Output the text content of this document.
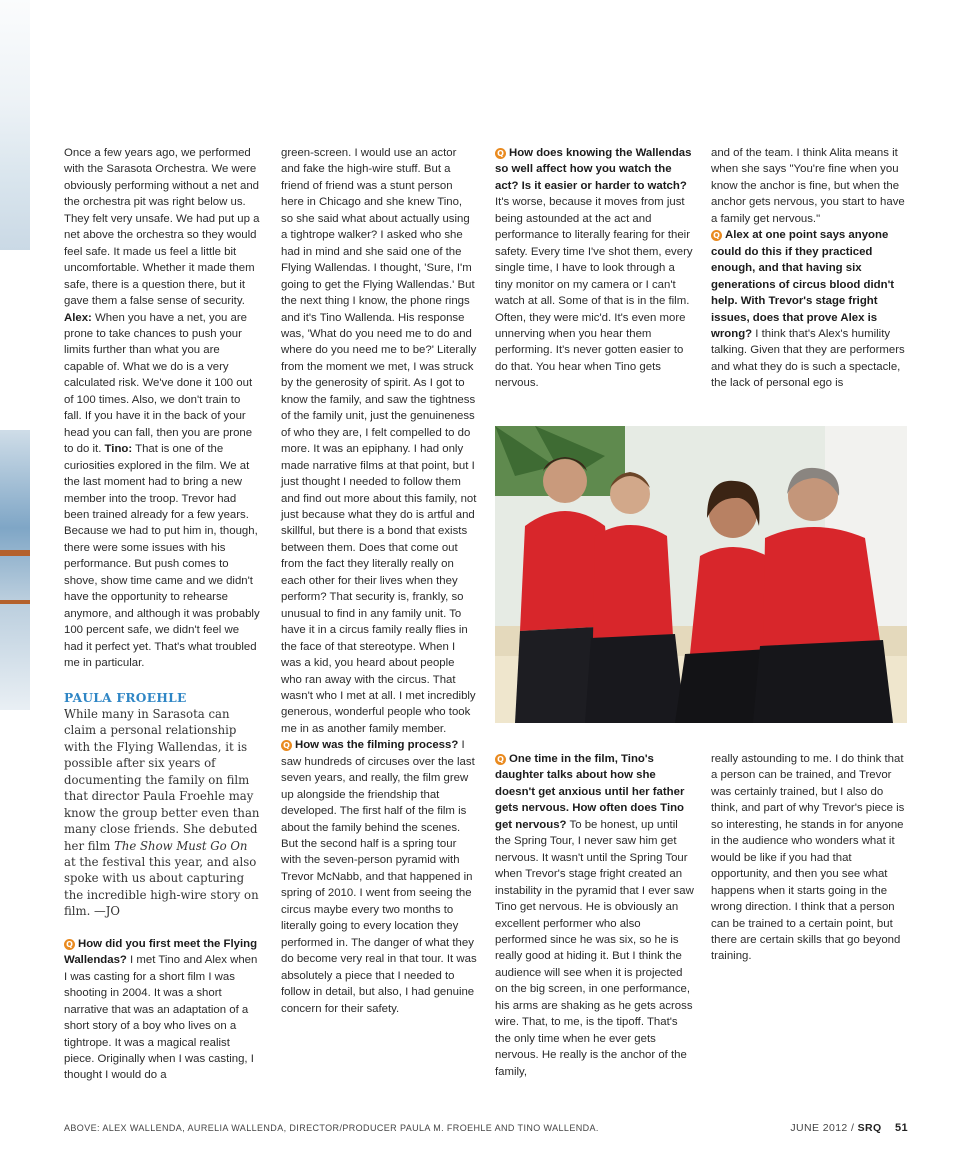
Once a few years ago, we performed with the Sarasota Orchestra. We were obviously performing without a net and the orchestra pit was right below us. They felt very unsafe. We had put up a net above the orchestra so they would feel safe. It made us feel a little bit uncomfortable. Whether it made them safe, there is a question there, but it gave them a false sense of security. Alex: When you have a net, you are prone to take chances to push your limits further than what you are capable of. What we do is a very calculated risk. We've done it 100 out of 100 times. Also, we don't train to fall. If you have it in the back of your head you can fall, then you are prone to do it. Tino: That is one of the curiosities explored in the film. We at the last moment had to bring a new member into the troop. Trevor had been trained already for a few years. Because we had to put him in, though, there were some issues with his performance. But push comes to shove, show time came and we didn't have the opportunity to rehearse anymore, and although it was probably 100 percent safe, we didn't feel we had it perfect yet. That's what troubled me in particular.

PAULA FROEHLE

While many in Sarasota can claim a personal relationship with the Flying Wallendas, it is possible after six years of documenting the family on film that director Paula Froehle may know the group better even than many close friends. She debuted her film The Show Must Go On at the festival this year, and also spoke with us about capturing the incredible high-wire story on film. —JO

Q How did you first meet the Flying Wallendas? I met Tino and Alex when I was casting for a short film I was shooting in 2004. It was a short narrative that was an adaptation of a short story of a boy who lives on a tightrope. It was a magical realist piece. Originally when I was casting, I thought I would do a

green-screen. I would use an actor and fake the high-wire stuff. But a friend of friend was a stunt person here in Chicago and she knew Tino, so she said what about actually using a tightrope walker? I asked who she had in mind and she said one of the Flying Wallendas. I thought, 'Sure, I'm going to get the Flying Wallendas.' But the next thing I know, the phone rings and it's Tino Wallenda. His response was, 'What do you need me to do and where do you need me to be?' Literally from the moment we met, I was struck by the generosity of spirit. As I got to know the family, and saw the tightness of the family unit, just the genuineness of who they are, I felt compelled to do more. It was an epiphany. I had only made narrative films at that point, but I just thought I needed to follow them and find out more about this family, not just because what they do is artful and skillful, but there is a bond that exists between them. Does that come out from the fact they literally really on each other for their lives when they perform? That security is, frankly, so unusual to find in any family unit. To have it in a circus family really flies in the face of that stereotype. When I was a kid, you heard about people who ran away with the circus. That wasn't who I met at all. I met incredibly generous, wonderful people who took me in as another family member.

Q How was the filming process? I saw hundreds of circuses over the last seven years, and really, the film grew up alongside the friendship that developed. The first half of the film is about the family behind the scenes. But the second half is a spring tour with the seven-person pyramid with Trevor McNabb, and that happened in spring of 2010. I went from seeing the circus maybe every two months to literally going to every location they performed in. The danger of what they do become very real in that tour. It was absolutely a piece that I needed to follow in detail, but also, I had genuine concern for their safety.

Q How does knowing the Wallendas so well affect how you watch the act? Is it easier or harder to watch? It's worse, because it moves from just being astounded at the act and performance to literally fearing for their safety. Every time I've shot them, every single time, I have to look through a tiny monitor on my camera or I can't watch at all. Some of that is in the film. Often, they were mic'd. It's even more unnerving when you hear them performing. It's never gotten easier to do that. You hear when Tino gets nervous.

and of the team. I think Alita means it when she says "You're fine when you know the anchor is fine, but when the anchor gets nervous, you start to have a family get nervous."

Q Alex at one point says anyone could do this if they practiced enough, and that having six generations of circus blood didn't help. With Trevor's stage fright issues, does that prove Alex is wrong? I think that's Alex's humility talking. Given that they are performers and what they do is such a spectacle, the lack of personal ego is

Q One time in the film, Tino's daughter talks about how she doesn't get anxious until her father gets nervous. How often does Tino get nervous? To be honest, up until the Spring Tour, I never saw him get nervous. It wasn't until the Spring Tour when Trevor's stage fright created an instability in the pyramid that I ever saw Tino get nervous. He is obviously an excellent performer who also performed since he was six, so he is really good at hiding it. But I think the audience will see when it is projected on the big screen, in one performance, his arms are shaking as he gets across wire. That, to me, is the tipoff. That's the only time when he ever gets nervous. He really is the anchor of the family,

really astounding to me. I do think that a person can be trained, and Trevor was certainly trained, but I also do think, and part of why Trevor's piece is so interesting, he stands in for anyone in the audience who wonders what it would be like if you had that opportunity, and then you see what happens when it starts going in the wrong direction. I think that a person can be trained to a certain point, but there are certain skills that go beyond training.

ABOVE: ALEX WALLENDA, AURELIA WALLENDA, DIRECTOR/PRODUCER PAULA M. FROEHLE AND TINO WALLENDA.	JUNE 2012 / SRQ 51
